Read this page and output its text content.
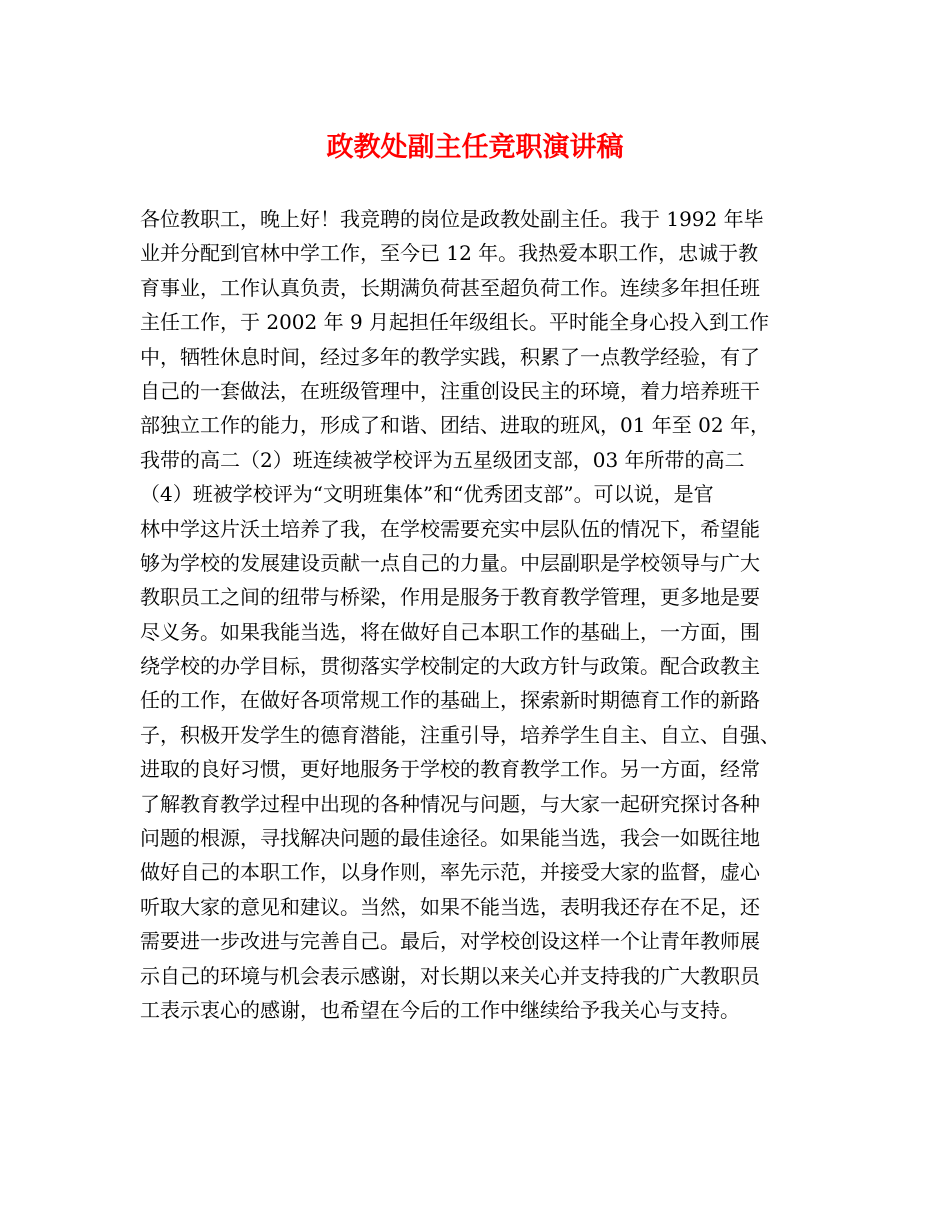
政教处副主任竞职演讲稿
各位教职工，晚上好！我竞聘的岗位是政教处副主任。我于 1992 年毕
业并分配到官林中学工作，至今已 12 年。我热爱本职工作，忠诚于教
育事业，工作认真负责，长期满负荷甚至超负荷工作。连续多年担任班
主任工作，于 2002 年 9 月起担任年级组长。平时能全身心投入到工作
中，牺牲休息时间，经过多年的教学实践，积累了一点教学经验，有了
自己的一套做法，在班级管理中，注重创设民主的环境，着力培养班干
部独立工作的能力，形成了和谐、团结、进取的班风，01 年至 02 年，
我带的高二（2）班连续被学校评为五星级团支部，03 年所带的高二
（4）班被学校评为“文明班集体”和“优秀团支部”。可以说，是官
林中学这片沃土培养了我，在学校需要充实中层队伍的情况下，希望能
够为学校的发展建设贡献一点自己的力量。中层副职是学校领导与广大
教职员工之间的纽带与桥梁，作用是服务于教育教学管理，更多地是要
尽义务。如果我能当选，将在做好自己本职工作的基础上，一方面，围
绕学校的办学目标，贯彻落实学校制定的大政方针与政策。配合政教主
任的工作，在做好各项常规工作的基础上，探索新时期德育工作的新路
子，积极开发学生的德育潜能，注重引导，培养学生自主、自立、自强、
进取的良好习惯，更好地服务于学校的教育教学工作。另一方面，经常
了解教育教学过程中出现的各种情况与问题，与大家一起研究探讨各种
问题的根源，寻找解决问题的最佳途径。如果能当选，我会一如既往地
做好自己的本职工作，以身作则，率先示范，并接受大家的监督，虚心
听取大家的意见和建议。当然，如果不能当选，表明我还存在不足，还
需要进一步改进与完善自己。最后，对学校创设这样一个让青年教师展
示自己的环境与机会表示感谢，对长期以来关心并支持我的广大教职员
工表示衷心的感谢，也希望在今后的工作中继续给予我关心与支持。
